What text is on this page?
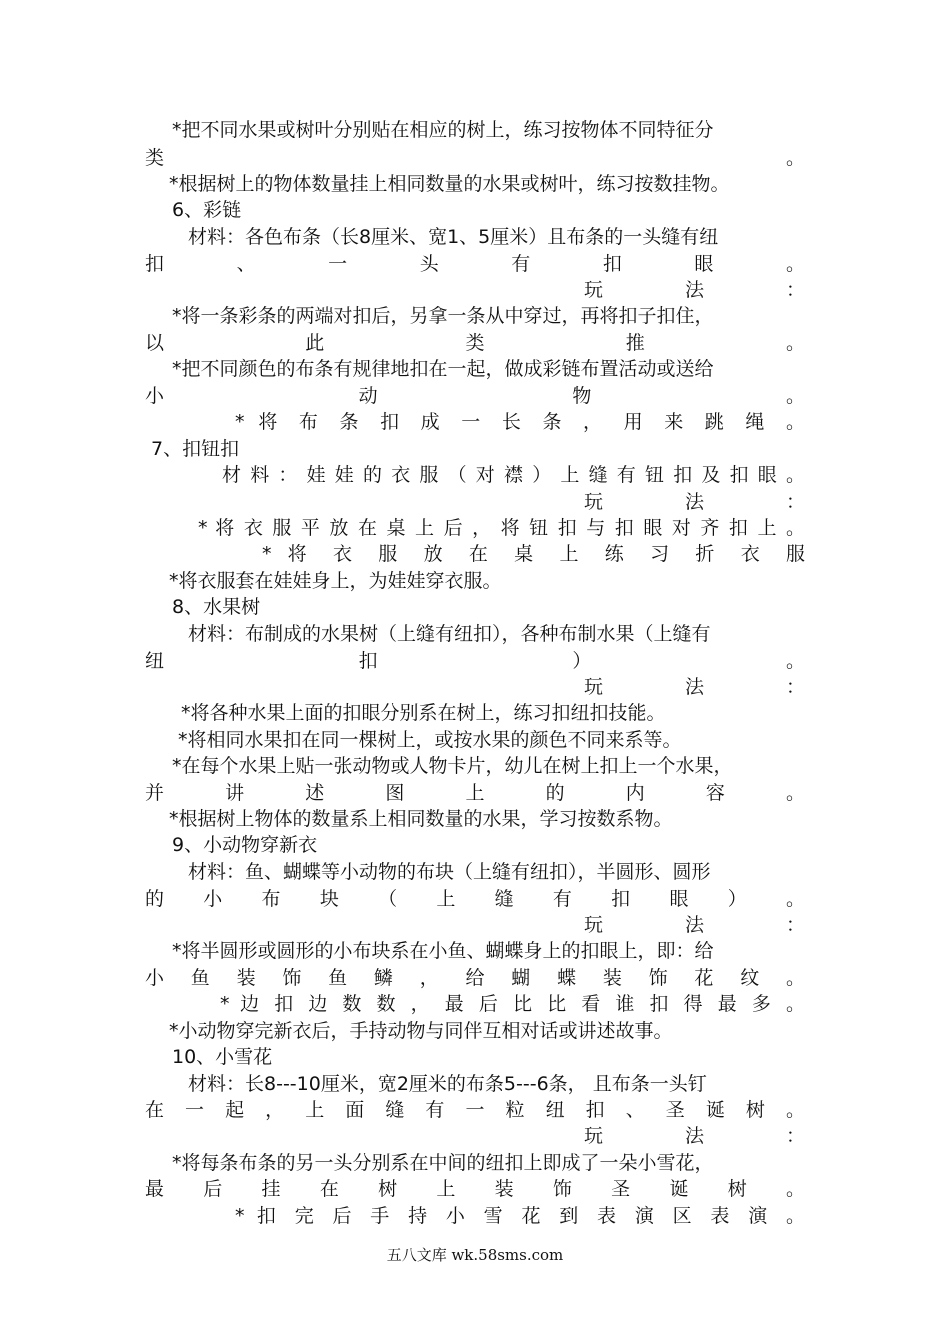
*把不同水果或树叶分别贴在相应的树上，练习按物体不同特征分
类 。
*根据树上的物体数量挂上相同数量的水果或树叶，练习按数挂物。
6、彩链
材料：各色布条（长8厘米、宽1、5厘米）且布条的一头缝有纽
扣 、 一 头 有 扣 眼 。
玩 法 ：
*将一条彩条的两端对扣后，另拿一条从中穿过，再将扣子扣住，
以 此 类 推 。
*把不同颜色的布条有规律地扣在一起，做成彩链布置活动或送给
小 动 物 。
* 将 布 条 扣 成 一 长 条 ， 用 来 跳 绳 。
7、扣钮扣
材 料 ： 娃 娃 的 衣 服 （ 对 襟 ） 上 缝 有 钮 扣 及 扣 眼 。
玩 法 ：
* 将 衣 服 平 放 在 桌 上 后 ， 将 钮 扣 与 扣 眼 对 齐 扣 上 。
* 将 衣 服 放 在 桌 上 练 习 折 衣 服
*将衣服套在娃娃身上，为娃娃穿衣服。
8、水果树
材料：布制成的水果树（上缝有纽扣），各种布制水果（上缝有
纽 扣 ） 。
玩 法 ：
*将各种水果上面的扣眼分别系在树上，练习扣纽扣技能。
*将相同水果扣在同一棵树上，或按水果的颜色不同来系等。
*在每个水果上贴一张动物或人物卡片，幼儿在树上扣上一个水果，
并 讲 述 图 上 的 内 容 。
*根据树上物体的数量系上相同数量的水果，学习按数系物。
9、小动物穿新衣
材料：鱼、蝴蝶等小动物的布块（上缝有纽扣），半圆形、圆形
的 小 布 块 （ 上 缝 有 扣 眼 ） 。
玩 法 ：
*将半圆形或圆形的小布块系在小鱼、蝴蝶身上的扣眼上，即：给
小 鱼 装 饰 鱼 鳞 ， 给 蝴 蝶 装 饰 花 纹 。
* 边 扣 边 数 数 ， 最 后 比 比 看 谁 扣 得 最 多 。
*小动物穿完新衣后，手持动物与同伴互相对话或讲述故事。
10、小雪花
材料：长8---10厘米，宽2厘米的布条5---6条， 且布条一头钉
在 一 起 ， 上 面 缝 有 一 粒 纽 扣 、 圣 诞 树 。
玩 法 ：
*将每条布条的另一头分别系在中间的纽扣上即成了一朵小雪花，
最 后 挂 在 树 上 装 饰 圣 诞 树 。
* 扣 完 后 手 持 小 雪 花 到 表 演 区 表 演 。
五八文库 wk.58sms.com
